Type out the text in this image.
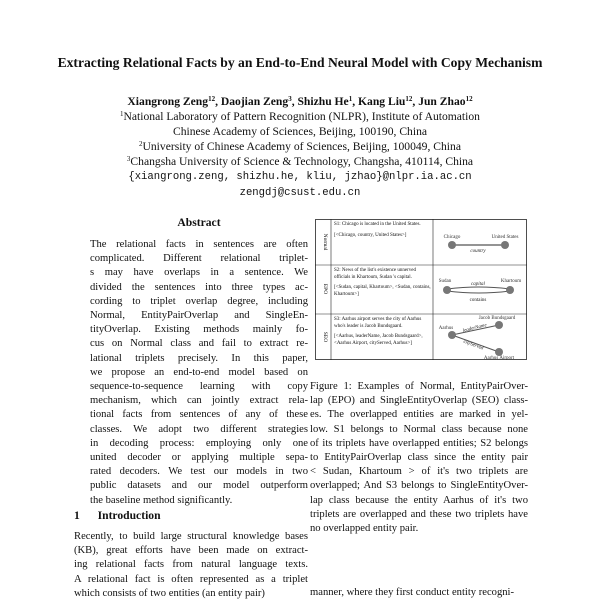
Extracting Relational Facts by an End-to-End Neural Model with Copy Mechanism
Xiangrong Zeng$^{12}$, Daojian Zeng$^3$, Shizhu He$^1$, Kang Liu$^{12}$, Jun Zhao$^{12}$
$^1$National Laboratory of Pattern Recognition (NLPR), Institute of Automation
Chinese Academy of Sciences, Beijing, 100190, China
$^2$University of Chinese Academy of Sciences, Beijing, 100049, China
$^3$Changsha University of Science & Technology, Changsha, 410114, China
{xiangrong.zeng, shizhu.he, kliu, jzhao}@nlpr.ia.ac.cn
zengdj@csust.edu.cn
Abstract
The relational facts in sentences are often
complicated. Different relational triplet-
s may have overlaps in a sentence. We
divided the sentences into three types ac-
cording to triplet overlap degree, including
Normal, EntityPairOverlap and SingleEn-
tityOverlap. Existing methods mainly fo-
cus on Normal class and fail to extract re-
lational triplets precisely. In this paper,
we propose an end-to-end model based on
sequence-to-sequence learning with copy
mechanism, which can jointly extract rela-
tional facts from sentences of any of these
classes. We adopt two different strategies
in decoding process: employing only one
united decoder or applying multiple sepa-
rated decoders. We test our models in two
public datasets and our model outperform
the baseline method significantly.
1 Introduction
Recently, to build large structural knowledge bases
(KB), great efforts have been made on extract-
ing relational facts from natural language texts.
A relational fact is often represented as a triplet
which consists of two entities (an entity pair)
Normal
EPO
SEO
S1: Chicago is located in the United States.
[<Chicago, country, United States>]
S2: News of the list's existence unnerved officials in Khartoum, Sudan 's capital.
[<Sudan, capital, Khartoum>, <Sudan, contains, Khartoum>]
S3: Aarhus airport serves the city of Aarhus who's leader is Jacob Bundsgaard.
[<Aarhus, leaderName, Jacob Bundsgaard>, <Aarhus Airport, cityServed, Aarhus>]
Chicago	United States
country
Sudan	Khartoum
capital
contains
Jacob Bundsgaard
Aarhus
Aarhus Airport
leaderName
cityServed
Figure 1: Examples of Normal, EntityPairOver-
lap (EPO) and SingleEntityOverlap (SEO) class-
es. The overlapped entities are marked in yel-
low. S1 belongs to Normal class because none
of its triplets have overlapped entities; S2 belongs
to EntityPairOverlap class since the entity pair
< Sudan, Khartoum > of it's two triplets are
overlapped; And S3 belongs to SingleEntityOver-
lap class because the entity Aarhus of it's two
triplets are overlapped and these two triplets have
no overlapped entity pair.
manner, where they first conduct entity recogni-
